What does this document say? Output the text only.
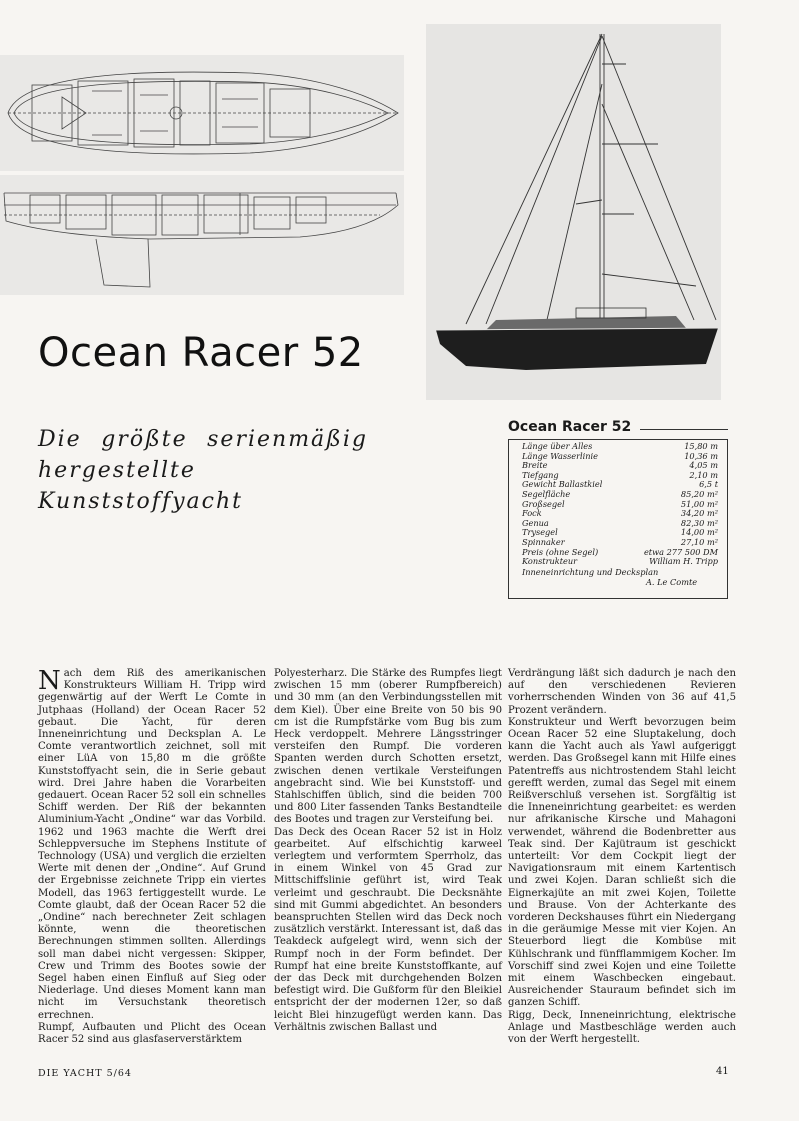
Ocean Racer 52

Die größte serienmäßig hergestellte Kunststoffyacht

Ocean Racer 52
Länge über Alles	15,80 m
Länge Wasserlinie	10,36 m
Breite	4,05 m
Tiefgang	2,10 m
Gewicht Ballastkiel	6,5 t
Segelfläche	85,20 m²
Großsegel	51,00 m²
Fock	34,20 m²
Genua	82,30 m²
Trysegel	14,00 m²
Spinnaker	27,10 m²
Preis (ohne Segel)	etwa 277 500 DM
Konstrukteur	William H. Tripp
Inneneinrichtung und Decksplan
A. Le Comte

Nach dem Riß des amerikanischen Konstrukteurs William H. Tripp wird gegenwärtig auf der Werft Le Comte in Jutphaas (Holland) der Ocean Racer 52 gebaut. Die Yacht, für deren Inneneinrichtung und Decksplan A. Le Comte verantwortlich zeichnet, soll mit einer LüA von 15,80 m die größte Kunststoffyacht sein, die in Serie gebaut wird. Drei Jahre haben die Vorarbeiten gedauert. Ocean Racer 52 soll ein schnelles Schiff werden. Der Riß der bekannten Aluminium-Yacht „Ondine“ war das Vorbild. 1962 und 1963 machte die Werft drei Schleppversuche im Stephens Institute of Technology (USA) und verglich die erzielten Werte mit denen der „Ondine“. Auf Grund der Ergebnisse zeichnete Tripp ein viertes Modell, das 1963 fertiggestellt wurde. Le Comte glaubt, daß der Ocean Racer 52 die „Ondine“ nach berechneter Zeit schlagen könnte, wenn die theoretischen Berechnungen stimmen sollten. Allerdings soll man dabei nicht vergessen: Skipper, Crew und Trimm des Bootes sowie der Segel haben einen Einfluß auf Sieg oder Niederlage. Und dieses Moment kann man nicht im Versuchstank theoretisch errechnen.

Rumpf, Aufbauten und Plicht des Ocean Racer 52 sind aus glasfaserverstärktem

Polyesterharz. Die Stärke des Rumpfes liegt zwischen 15 mm (oberer Rumpfbereich) und 30 mm (an den Verbindungsstellen mit dem Kiel). Über eine Breite von 50 bis 90 cm ist die Rumpfstärke vom Bug bis zum Heck verdoppelt. Mehrere Längsstringer versteifen den Rumpf. Die vorderen Spanten werden durch Schotten ersetzt, zwischen denen vertikale Versteifungen angebracht sind. Wie bei Kunststoff- und Stahlschiffen üblich, sind die beiden 700 und 800 Liter fassenden Tanks Bestandteile des Bootes und tragen zur Versteifung bei.

Das Deck des Ocean Racer 52 ist in Holz gearbeitet. Auf elfschichtig karweel verlegtem und verformtem Sperrholz, das in einem Winkel von 45 Grad zur Mittschiffslinie geführt ist, wird Teak verleimt und geschraubt. Die Decksnähte sind mit Gummi abgedichtet. An besonders beanspruchten Stellen wird das Deck noch zusätzlich verstärkt. Interessant ist, daß das Teakdeck aufgelegt wird, wenn sich der Rumpf noch in der Form befindet. Der Rumpf hat eine breite Kunststoffkante, auf der das Deck mit durchgehenden Bolzen befestigt wird. Die Gußform für den Bleikiel entspricht der der modernen 12er, so daß leicht Blei hinzugefügt werden kann. Das Verhältnis zwischen Ballast und

Verdrängung läßt sich dadurch je nach den auf den verschiedenen Revieren vorherrschenden Winden von 36 auf 41,5 Prozent verändern.

Konstrukteur und Werft bevorzugen beim Ocean Racer 52 eine Sluptakelung, doch kann die Yacht auch als Yawl aufgeriggt werden. Das Großsegel kann mit Hilfe eines Patentreffs aus nichtrostendem Stahl leicht gerefft werden, zumal das Segel mit einem Reißverschluß versehen ist. Sorgfältig ist die Inneneinrichtung gearbeitet: es werden nur afrikanische Kirsche und Mahagoni verwendet, während die Bodenbretter aus Teak sind. Der Kajütraum ist geschickt unterteilt: Vor dem Cockpit liegt der Navigationsraum mit einem Kartentisch und zwei Kojen. Daran schließt sich die Eignerkajüte an mit zwei Kojen, Toilette und Brause. Von der Achterkante des vorderen Deckshauses führt ein Niedergang in die geräumige Messe mit vier Kojen. An Steuerbord liegt die Kombüse mit Kühlschrank und fünfflammigem Kocher. Im Vorschiff sind zwei Kojen und eine Toilette mit einem Waschbecken eingebaut. Ausreichender Stauraum befindet sich im ganzen Schiff.

Rigg, Deck, Inneneinrichtung, elektrische Anlage und Mastbeschläge werden auch von der Werft hergestellt.

DIE YACHT 5/64	41
